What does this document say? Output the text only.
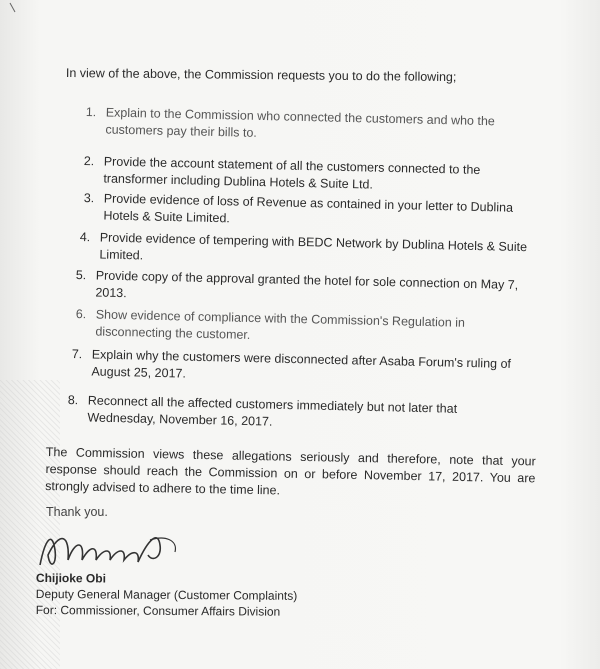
In view of the above, the Commission requests you to do the following;
1. Explain to the Commission who connected the customers and who the customers pay their bills to.
2. Provide the account statement of all the customers connected to the transformer including Dublina Hotels & Suite Ltd.
3. Provide evidence of loss of Revenue as contained in your letter to Dublina Hotels & Suite Limited.
4. Provide evidence of tempering with BEDC Network by Dublina Hotels & Suite Limited.
5. Provide copy of the approval granted the hotel for sole connection on May 7, 2013.
6. Show evidence of compliance with the Commission's Regulation in disconnecting the customer.
7. Explain why the customers were disconnected after Asaba Forum's ruling of August 25, 2017.
8. Reconnect all the affected customers immediately but not later that Wednesday, November 16, 2017.
The Commission views these allegations seriously and therefore, note that your response should reach the Commission on or before November 17, 2017. You are strongly advised to adhere to the time line.
Thank you.
Chijioke Obi
Deputy General Manager (Customer Complaints)
For: Commissioner, Consumer Affairs Division
